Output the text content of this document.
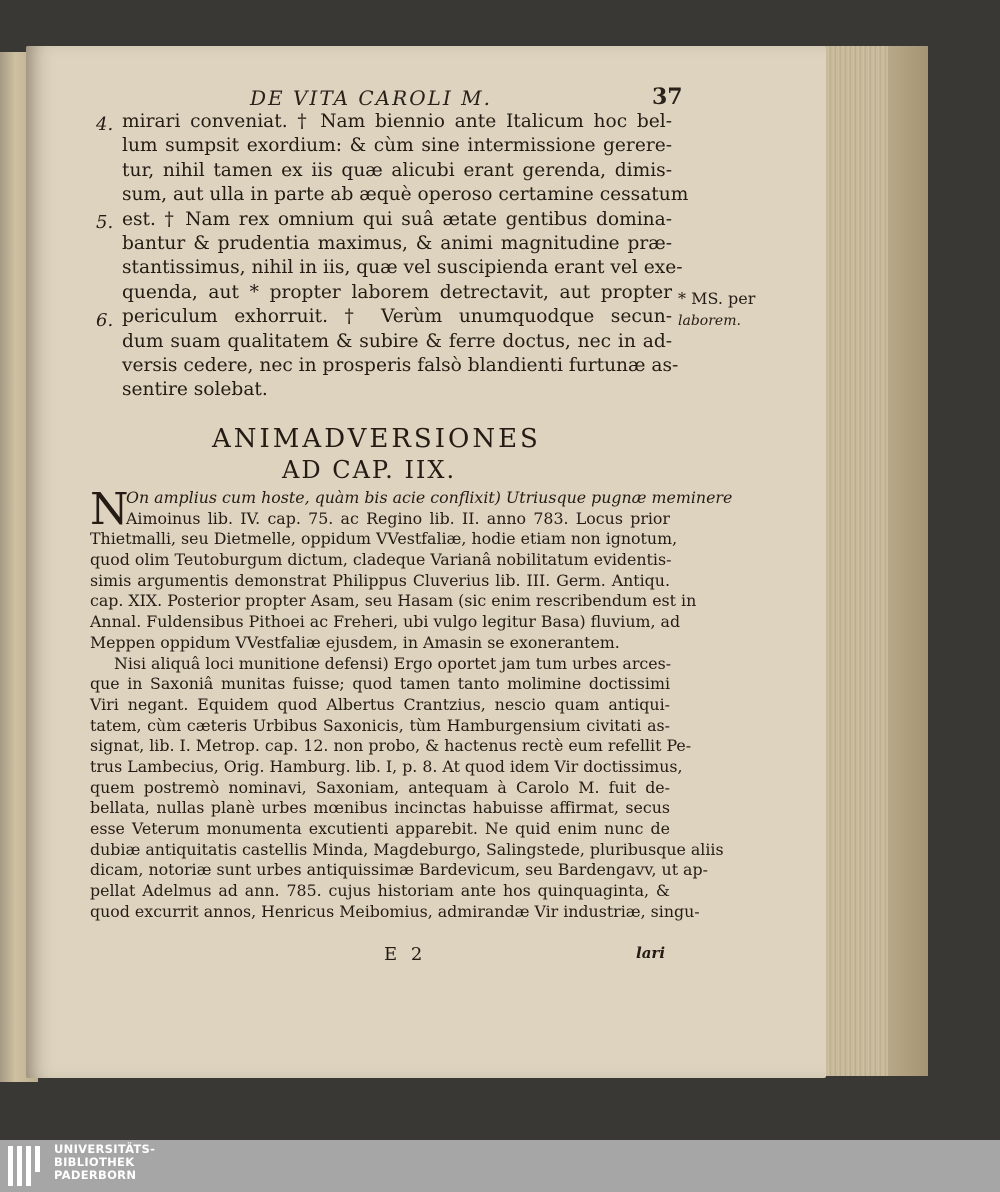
DE VITA CAROLI M.	37
4.
5.
6.
* MS. per
laborem.
mirari conveniat. † Nam biennio ante Italicum hoc bel-
lum sumpsit exordium: & cùm sine intermissione gerere-
tur, nihil tamen ex iis quæ alicubi erant gerenda, dimis-
sum, aut ulla in parte ab æquè operoso certamine cessatum
est. † Nam rex omnium qui suâ ætate gentibus domina-
bantur & prudentia maximus, & animi magnitudine præ-
stantissimus, nihil in iis, quæ vel suscipienda erant vel exe-
quenda, aut * propter laborem detrectavit, aut propter
periculum exhorruit. † Verùm unumquodque secun-
dum suam qualitatem & subire & ferre doctus, nec in ad-
versis cedere, nec in prosperis falsò blandienti furtunæ as-
sentire solebat.
ANIMADVERSIONES
AD CAP. IIX.
N
On amplius cum hoste, quàm bis acie conflixit) Utriusque pugnæ meminere
Aimoinus lib. IV. cap. 75. ac Regino lib. II. anno 783. Locus prior
Thietmalli, seu Dietmelle, oppidum VVestfaliæ, hodie etiam non ignotum,
quod olim Teutoburgum dictum, cladeque Varianâ nobilitatum evidentis-
simis argumentis demonstrat Philippus Cluverius lib. III. Germ. Antiqu.
cap. XIX. Posterior propter Asam, seu Hasam (sic enim rescribendum est in
Annal. Fuldensibus Pithoei ac Freheri, ubi vulgo legitur Basa) fluvium, ad
Meppen oppidum VVestfaliæ ejusdem, in Amasin se exonerantem.
Nisi aliquâ loci munitione defensi) Ergo oportet jam tum urbes arces-
que in Saxoniâ munitas fuisse; quod tamen tanto molimine doctissimi
Viri negant. Equidem quod Albertus Crantzius, nescio quam antiqui-
tatem, cùm cæteris Urbibus Saxonicis, tùm Hamburgensium civitati as-
signat, lib. I. Metrop. cap. 12. non probo, & hactenus rectè eum refellit Pe-
trus Lambecius, Orig. Hamburg. lib. I, p. 8. At quod idem Vir doctissimus,
quem postremò nominavi, Saxoniam, antequam à Carolo M. fuit de-
bellata, nullas planè urbes mœnibus incinctas habuisse affirmat, secus
esse Veterum monumenta excutienti apparebit. Ne quid enim nunc de
dubiæ antiquitatis castellis Minda, Magdeburgo, Salingstede, pluribusque aliis
dicam, notoriæ sunt urbes antiquissimæ Bardevicum, seu Bardengavv, ut ap-
pellat Adelmus ad ann. 785. cujus historiam ante hos quinquaginta, &
quod excurrit annos, Henricus Meibomius, admirandæ Vir industriæ, singu-
E 2	lari
UNIVERSITÄTS-
BIBLIOTHEK
PADERBORN
